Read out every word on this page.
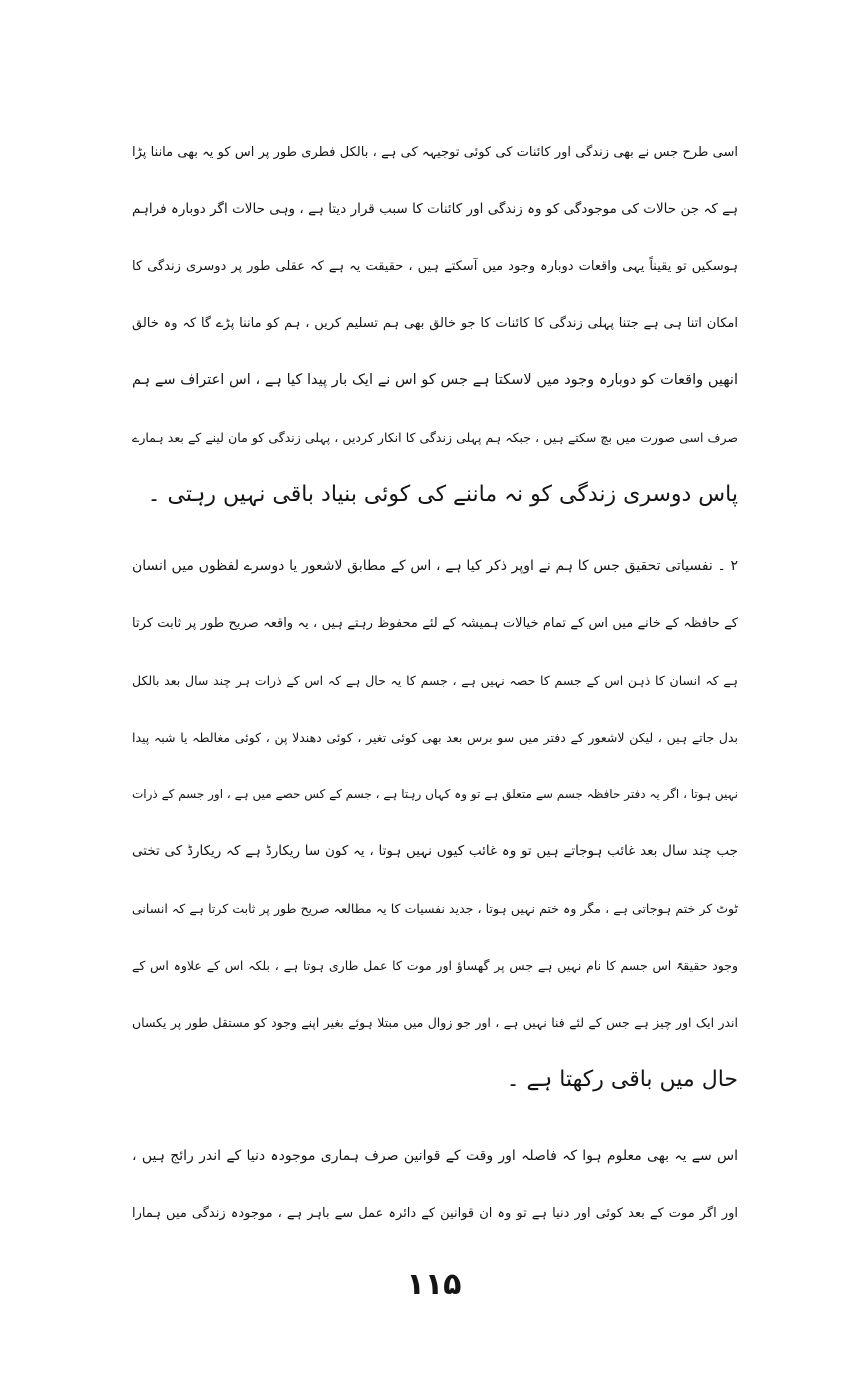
اسی طرح جس نے بھی زندگی اور کائنات کی کوئی توجیہہ کی ہے ، بالکل فطری طور پر اس کو یہ بھی ماننا پڑا

ہے کہ جن حالات کی موجودگی کو وہ زندگی اور کائنات کا سبب قرار دیتا ہے ، وہی حالات اگر دوبارہ فراہم

ہوسکیں تو یقیناً یہی واقعات دوبارہ وجود میں آسکتے ہیں ، حقیقت یہ ہے کہ عقلی طور پر دوسری زندگی کا

امکان اتنا ہی ہے جتنا پہلی زندگی کا کائنات کا جو خالق بھی ہم تسلیم کریں ، ہم کو ماننا پڑے گا کہ وہ خالق

انھیں واقعات کو دوبارہ وجود میں لاسکتا ہے جس کو اس نے ایک بار پیدا کیا ہے ، اس اعتراف سے ہم

صرف اسی صورت میں بچ سکتے ہیں ، جبکہ ہم پہلی زندگی کا انکار کردیں ، پہلی زندگی کو مان لینے کے بعد ہمارے

پاس دوسری زندگی کو نہ ماننے کی کوئی بنیاد باقی نہیں رہتی ۔

۲ ۔ نفسیاتی تحقیق جس کا ہم نے اوپر ذکر کیا ہے ، اس کے مطابق لاشعور یا دوسرے لفظوں میں انسان

کے حافظہ کے خانے میں اس کے تمام خیالات ہمیشہ کے لئے محفوظ رہتے ہیں ، یہ واقعہ صریح طور پر ثابت کرتا

ہے کہ انسان کا ذہن اس کے جسم کا حصہ نہیں ہے ، جسم کا یہ حال ہے کہ اس کے ذرات ہر چند سال بعد بالکل

بدل جاتے ہیں ، لیکن لاشعور کے دفتر میں سو برس بعد بھی کوئی تغیر ، کوئی دھندلا پن ، کوئی مغالطہ یا شبہ پیدا

نہیں ہوتا ، اگر یہ دفتر حافظہ جسم سے متعلق ہے تو وہ کہاں رہتا ہے ، جسم کے کس حصے میں ہے ، اور جسم کے ذرات

جب چند سال بعد غائب ہوجاتے ہیں تو وہ غائب کیوں نہیں ہوتا ، یہ کون سا ریکارڈ ہے کہ ریکارڈ کی تختی

ٹوٹ کر ختم ہوجاتی ہے ، مگر وہ ختم نہیں ہوتا ، جدید نفسیات کا یہ مطالعہ صریح طور پر ثابت کرتا ہے کہ انسانی

وجود حقیقۃً اس جسم کا نام نہیں ہے جس پر گھساؤ اور موت کا عمل طاری ہوتا ہے ، بلکہ اس کے علاوہ اس کے

اندر ایک اور چیز ہے جس کے لئے فنا نہیں ہے ، اور جو زوال میں مبتلا ہوئے بغیر اپنے وجود کو مستقل طور پر یکساں

حال میں باقی رکھتا ہے ۔

اس سے یہ بھی معلوم ہوا کہ فاصلہ اور وقت کے قوانین صرف ہماری موجودہ دنیا کے اندر رائج ہیں ،

اور اگر موت کے بعد کوئی اور دنیا ہے تو وہ ان قوانین کے دائرہ عمل سے باہر ہے ، موجودہ زندگی میں ہمارا

۱۱۵
